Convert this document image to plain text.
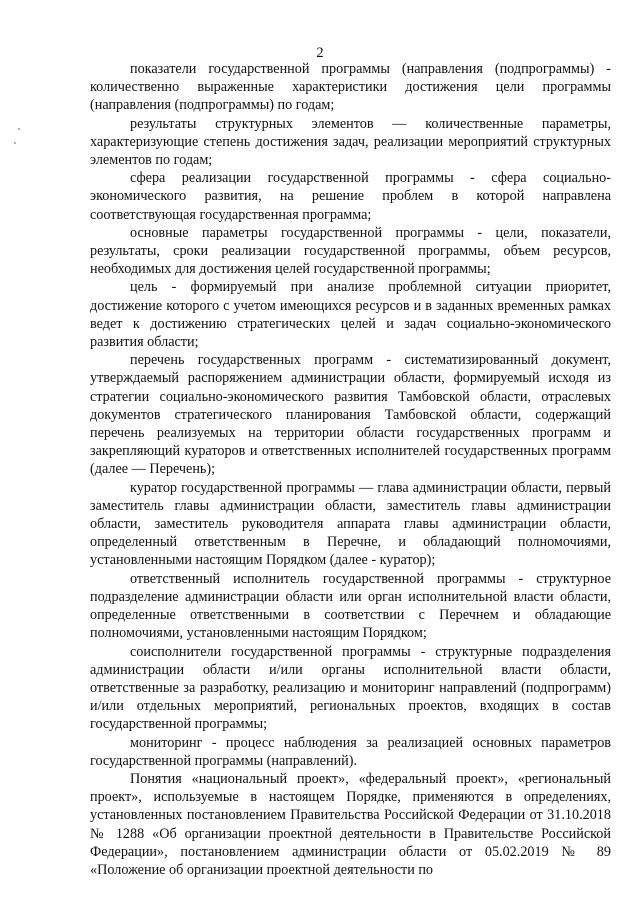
2

показатели государственной программы (направления (подпрограммы) - количественно выраженные характеристики достижения цели программы (направления (подпрограммы) по годам;

результаты структурных элементов — количественные параметры, характеризующие степень достижения задач, реализации мероприятий структурных элементов по годам;

сфера реализации государственной программы - сфера социально-экономического развития, на решение проблем в которой направлена соответствующая государственная программа;

основные параметры государственной программы - цели, показатели, результаты, сроки реализации государственной программы, объем ресурсов, необходимых для достижения целей государственной программы;

цель - формируемый при анализе проблемной ситуации приоритет, достижение которого с учетом имеющихся ресурсов и в заданных временных рамках ведет к достижению стратегических целей и задач социально-экономического развития области;

перечень государственных программ - систематизированный документ, утверждаемый распоряжением администрации области, формируемый исходя из стратегии социально-экономического развития Тамбовской области, отраслевых документов стратегического планирования Тамбовской области, содержащий перечень реализуемых на территории области государственных программ и закрепляющий кураторов и ответственных исполнителей государственных программ (далее — Перечень);

куратор государственной программы — глава администрации области, первый заместитель главы администрации области, заместитель главы администрации области, заместитель руководителя аппарата главы администрации области, определенный ответственным в Перечне, и обладающий полномочиями, установленными настоящим Порядком (далее - куратор);

ответственный исполнитель государственной программы - структурное подразделение администрации области или орган исполнительной власти области, определенные ответственными в соответствии с Перечнем и обладающие полномочиями, установленными настоящим Порядком;

соисполнители государственной программы - структурные подразделения администрации области и/или органы исполнительной власти области, ответственные за разработку, реализацию и мониторинг направлений (подпрограмм) и/или отдельных мероприятий, региональных проектов, входящих в состав государственной программы;

мониторинг - процесс наблюдения за реализацией основных параметров государственной программы (направлений).

Понятия «национальный проект», «федеральный проект», «региональный проект», используемые в настоящем Порядке, применяются в определениях, установленных постановлением Правительства Российской Федерации от 31.10.2018 № 1288 «Об организации проектной деятельности в Правительстве Российской Федерации», постановлением администрации области от 05.02.2019 № 89 «Положение об организации проектной деятельности по
